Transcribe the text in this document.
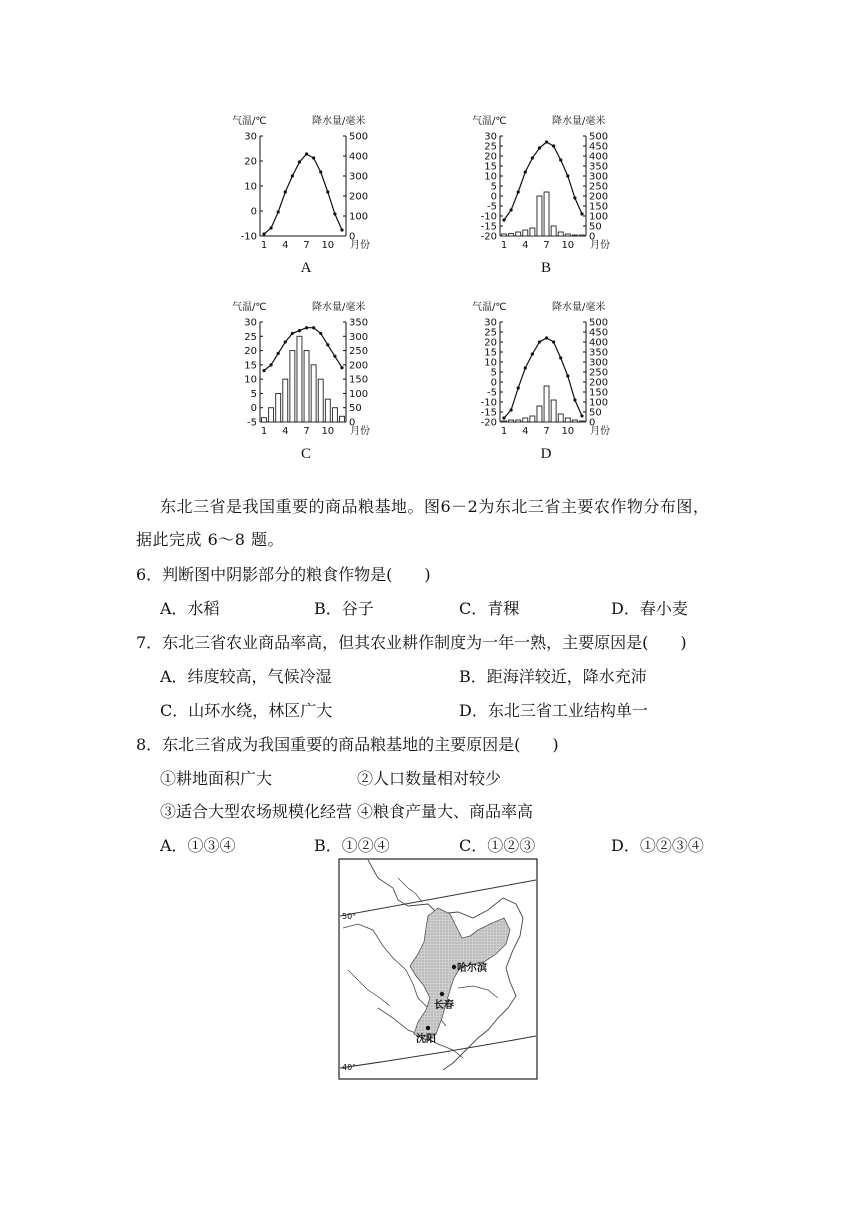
气温/℃	降水量/毫米
30
20
10
0
-10
500
400
300
200
100
0
1 4 7 10 月份
A
气温/℃	降水量/毫米
30
25
20
15
10
5
0
-5
-10
-15
-20
500
450
400
350
300
250
200
150
100
50
0
1 4 7 10 月份
B
气温/℃	降水量/毫米
30
25
20
15
10
5
0
-5
350
300
250
200
150
100
50
0
1 4 7 10 月份
C
气温/℃	降水量/毫米
30
25
20
15
10
5
0
-5
-10
-15
-20
500
450
400
350
300
250
200
150
100
50
0
1 4 7 10 月份
D
东北三省是我国重要的商品粮基地。图6－2为东北三省主要农作物分布图，
据此完成 6～8 题。
6．判断图中阴影部分的粮食作物是(　　)
A．水稻	B．谷子	C．青稞	D．春小麦
7．东北三省农业商品率高，但其农业耕作制度为一年一熟，主要原因是(　　)
A．纬度较高，气候冷湿	B．距海洋较近，降水充沛
C．山环水绕，林区广大	D．东北三省工业结构单一
8．东北三省成为我国重要的商品粮基地的主要原因是(　　)
①耕地面积广大	②人口数量相对较少
③适合大型农场规模化经营 ④粮食产量大、商品率高
A．①③④	B．①②④	C．①②③	D．①②③④
50°
40°
哈尔滨
长春
沈阳
